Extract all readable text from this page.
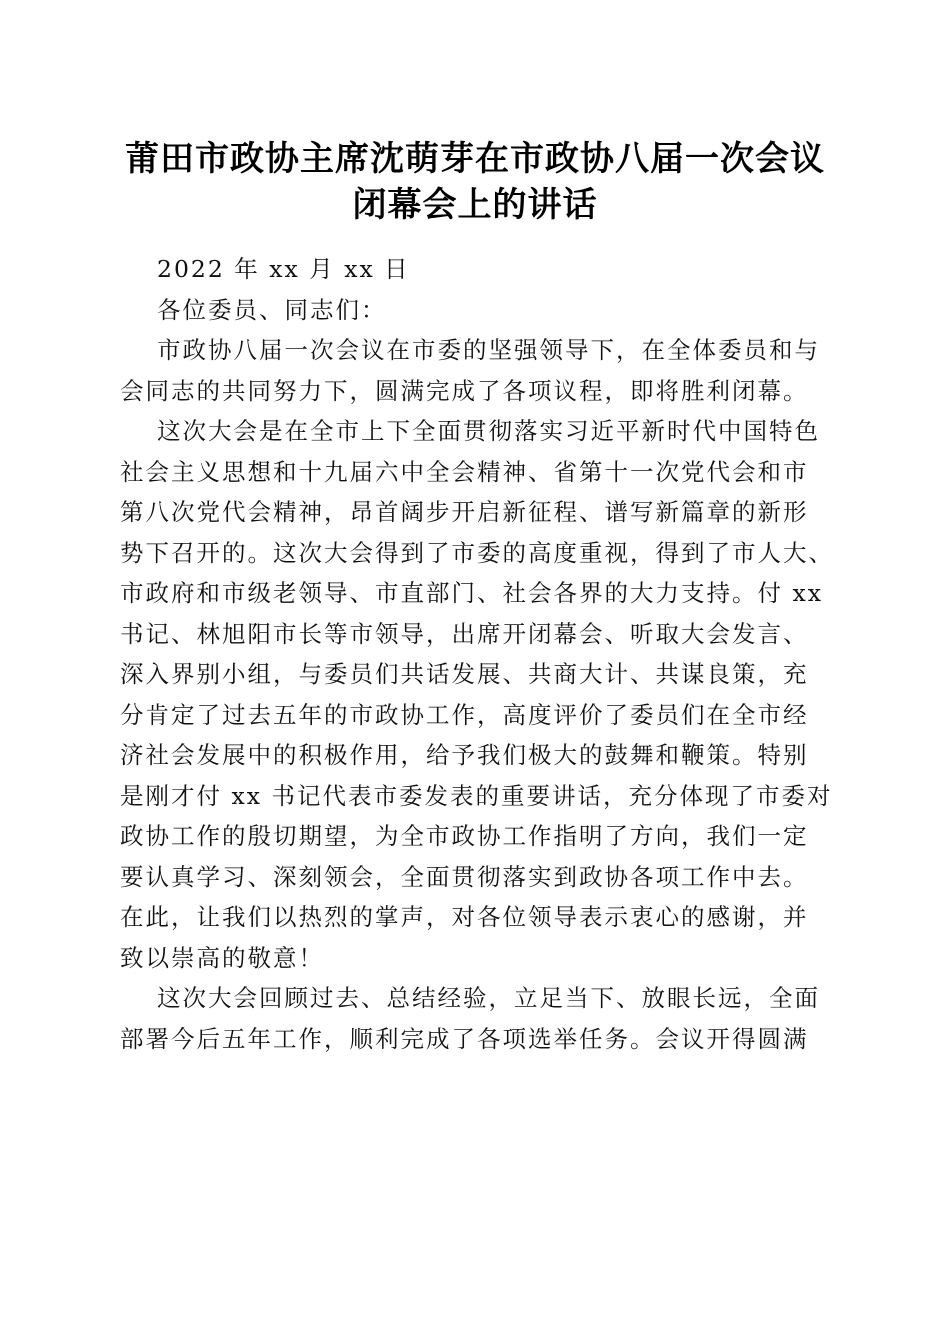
莆田市政协主席沈萌芽在市政协八届一次会议
闭幕会上的讲话
2022 年 xx 月 xx 日
各位委员、同志们：
市政协八届一次会议在市委的坚强领导下，在全体委员和与
会同志的共同努力下，圆满完成了各项议程，即将胜利闭幕。
这次大会是在全市上下全面贯彻落实习近平新时代中国特色
社会主义思想和十九届六中全会精神、省第十一次党代会和市
第八次党代会精神，昂首阔步开启新征程、谱写新篇章的新形
势下召开的。这次大会得到了市委的高度重视，得到了市人大、
市政府和市级老领导、市直部门、社会各界的大力支持。付 xx
书记、林旭阳市长等市领导，出席开闭幕会、听取大会发言、
深入界别小组，与委员们共话发展、共商大计、共谋良策，充
分肯定了过去五年的市政协工作，高度评价了委员们在全市经
济社会发展中的积极作用，给予我们极大的鼓舞和鞭策。特别
是刚才付 xx 书记代表市委发表的重要讲话，充分体现了市委对
政协工作的殷切期望，为全市政协工作指明了方向，我们一定
要认真学习、深刻领会，全面贯彻落实到政协各项工作中去。
在此，让我们以热烈的掌声，对各位领导表示衷心的感谢，并
致以崇高的敬意！
这次大会回顾过去、总结经验，立足当下、放眼长远，全面
部署今后五年工作，顺利完成了各项选举任务。会议开得圆满
